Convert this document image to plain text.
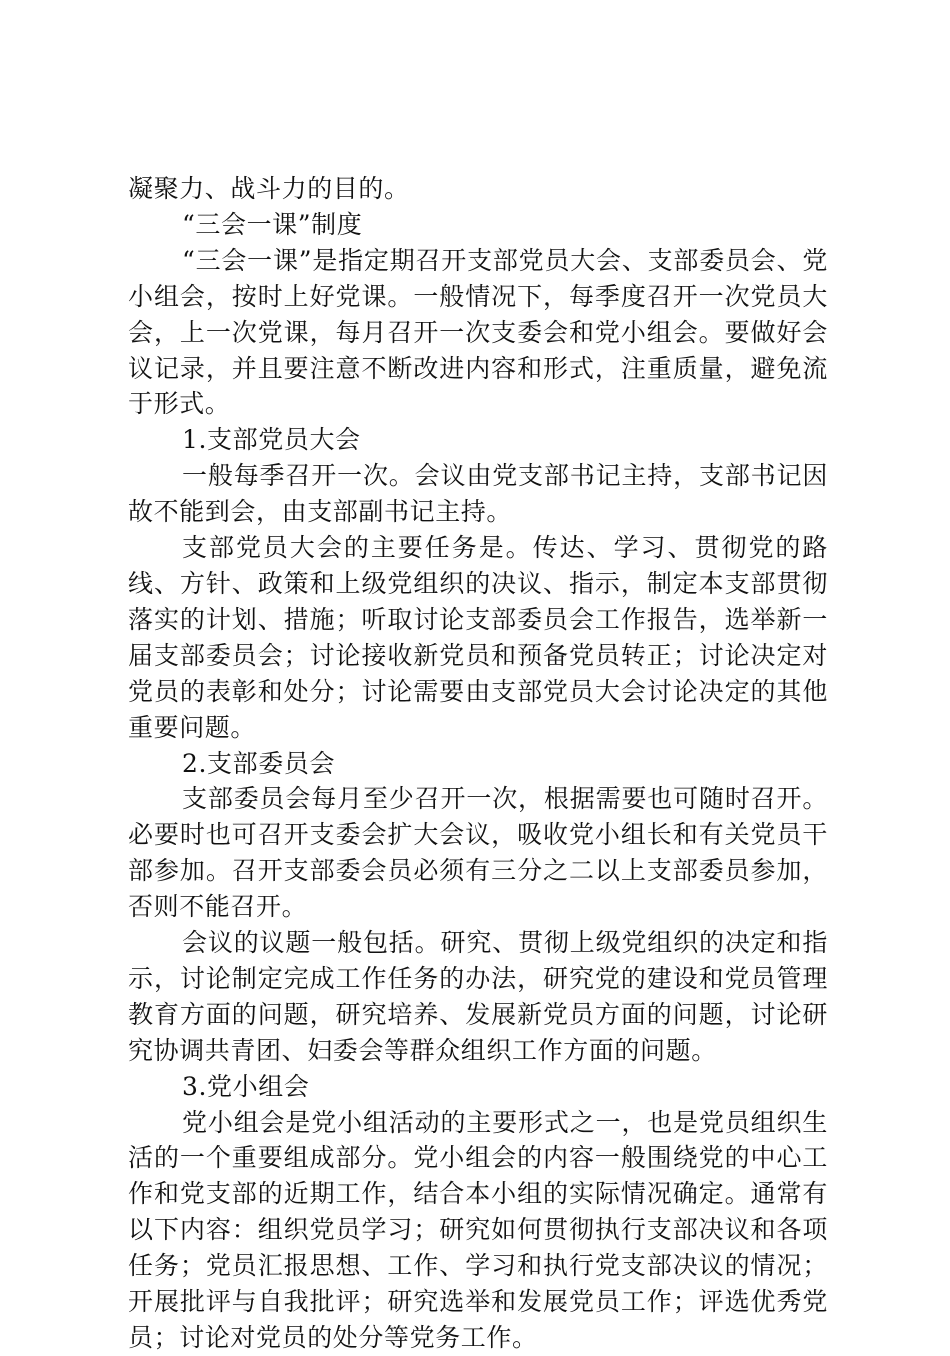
凝聚力、战斗力的目的。

“三会一课”制度

“三会一课”是指定期召开支部党员大会、支部委员会、党小组会，按时上好党课。一般情况下，每季度召开一次党员大会，上一次党课，每月召开一次支委会和党小组会。要做好会议记录，并且要注意不断改进内容和形式，注重质量，避免流于形式。

1.支部党员大会

一般每季召开一次。会议由党支部书记主持，支部书记因故不能到会，由支部副书记主持。

支部党员大会的主要任务是。传达、学习、贯彻党的路线、方针、政策和上级党组织的决议、指示，制定本支部贯彻落实的计划、措施；听取讨论支部委员会工作报告，选举新一届支部委员会；讨论接收新党员和预备党员转正；讨论决定对党员的表彰和处分；讨论需要由支部党员大会讨论决定的其他重要问题。

2.支部委员会

支部委员会每月至少召开一次，根据需要也可随时召开。必要时也可召开支委会扩大会议，吸收党小组长和有关党员干部参加。召开支部委会员必须有三分之二以上支部委员参加，否则不能召开。

会议的议题一般包括。研究、贯彻上级党组织的决定和指示，讨论制定完成工作任务的办法，研究党的建设和党员管理教育方面的问题，研究培养、发展新党员方面的问题，讨论研究协调共青团、妇委会等群众组织工作方面的问题。

3.党小组会

党小组会是党小组活动的主要形式之一，也是党员组织生活的一个重要组成部分。党小组会的内容一般围绕党的中心工作和党支部的近期工作，结合本小组的实际情况确定。通常有以下内容：组织党员学习；研究如何贯彻执行支部决议和各项任务；党员汇报思想、工作、学习和执行党支部决议的情况；开展批评与自我批评；研究选举和发展党员工作；评选优秀党员；讨论对党员的处分等党务工作。
